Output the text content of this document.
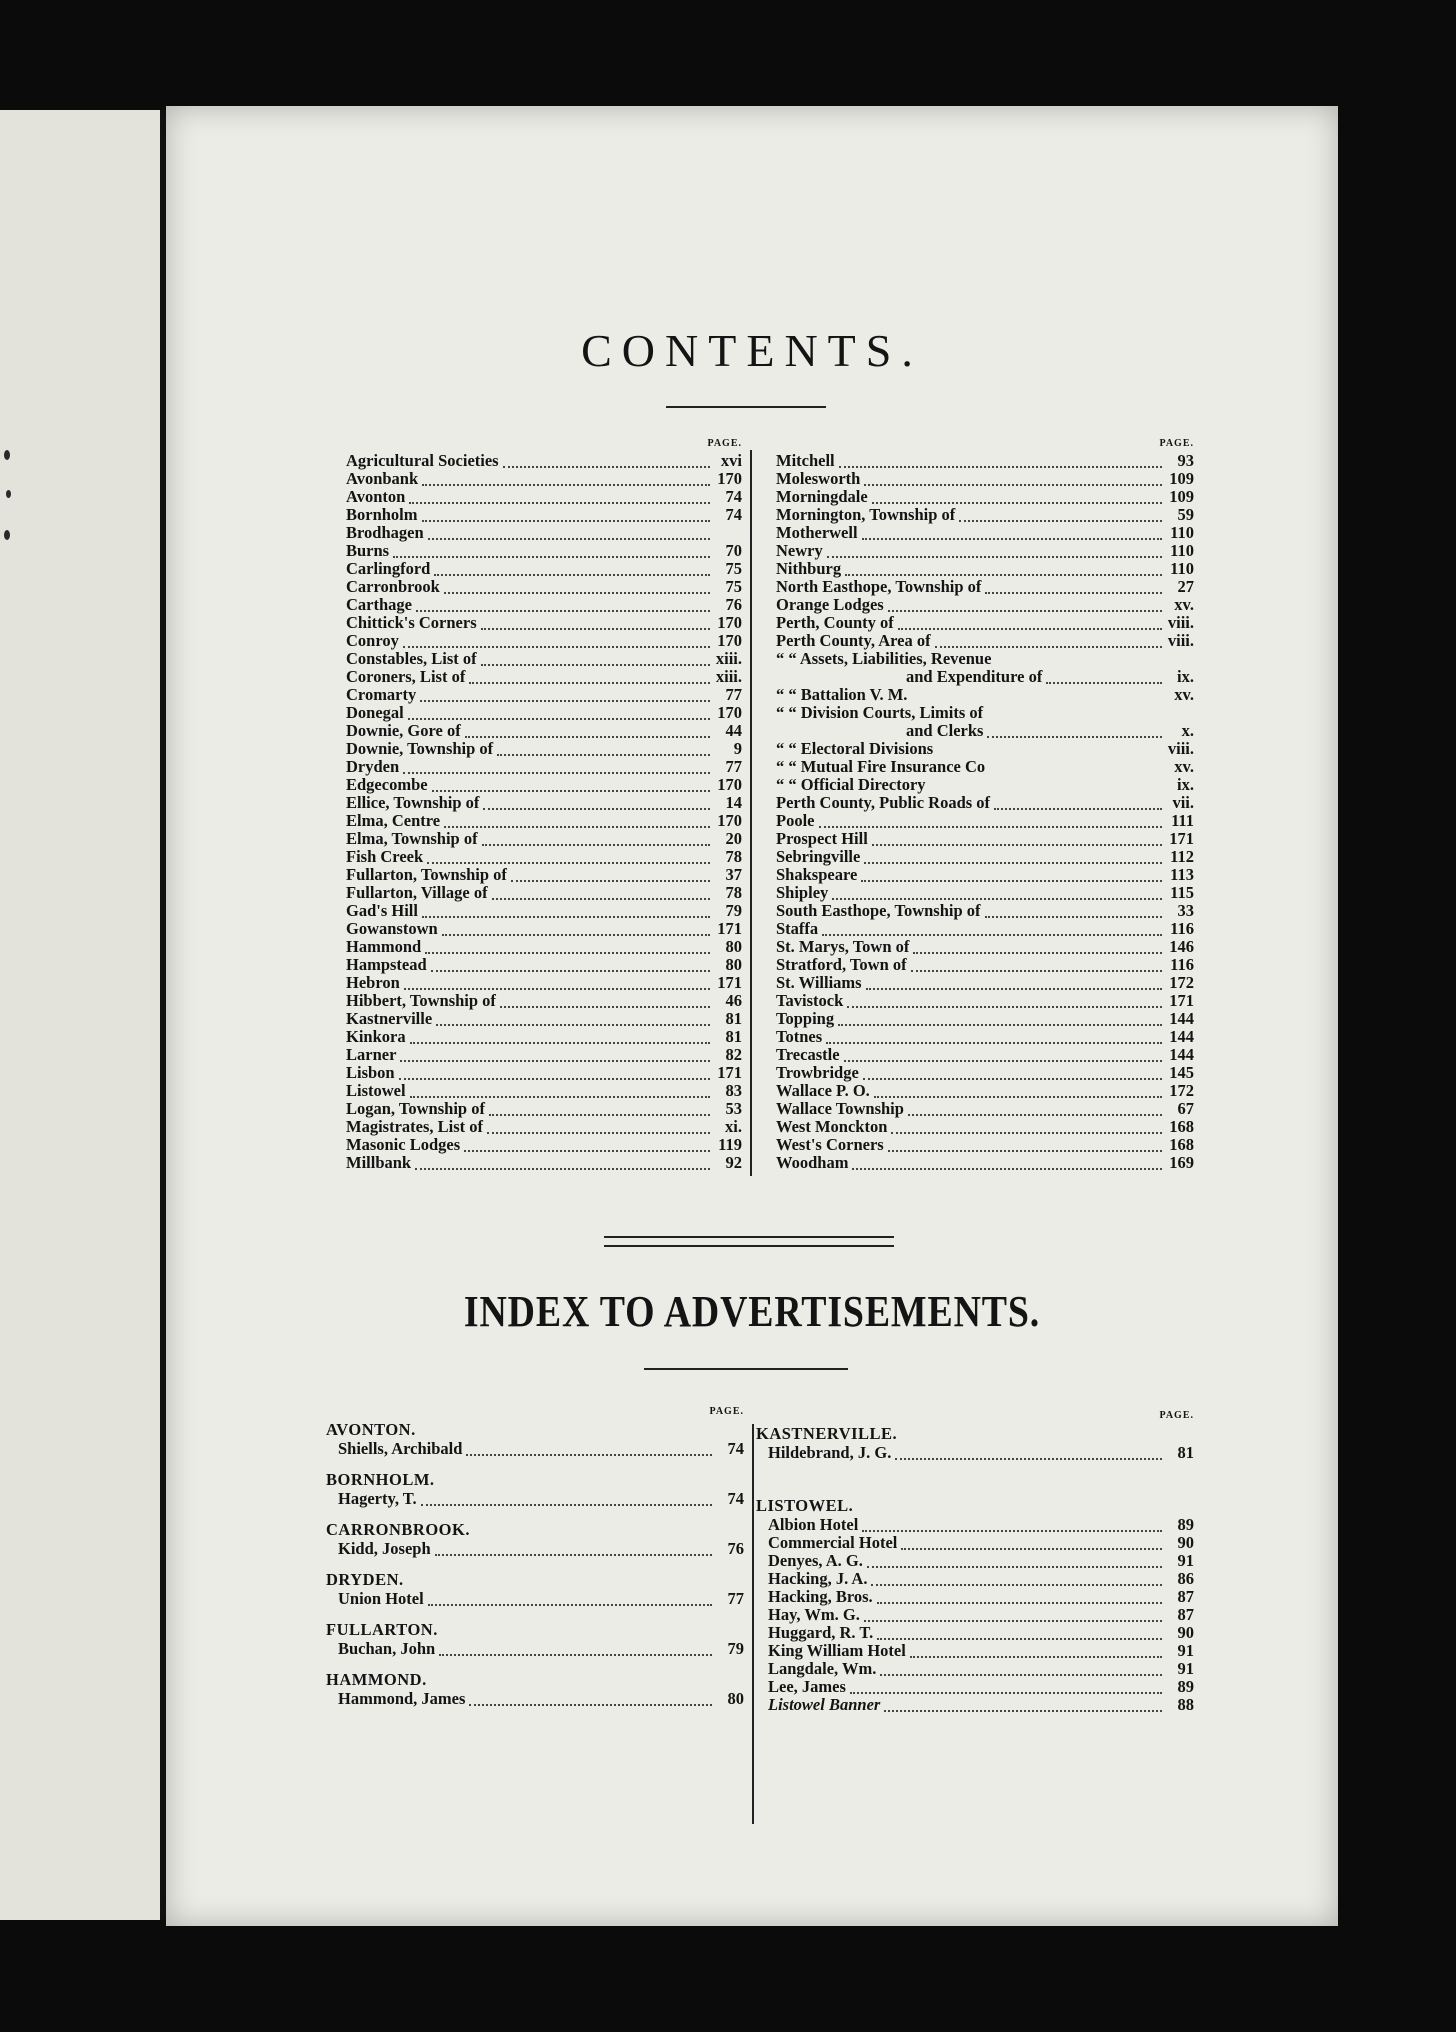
CONTENTS.
PAGE.
Agricultural Societies	xvi
Avonbank	170
Avonton	74
Bornholm	74
Brodhagen
Burns	70
Carlingford	75
Carronbrook	75
Carthage	76
Chittick's Corners	170
Conroy	170
Constables, List of	xiii.
Coroners, List of	xiii.
Cromarty	77
Donegal	170
Downie, Gore of	44
Downie, Township of	9
Dryden	77
Edgecombe	170
Ellice, Township of	14
Elma, Centre	170
Elma, Township of	20
Fish Creek	78
Fullarton, Township of	37
Fullarton, Village of	78
Gad's Hill	79
Gowanstown	171
Hammond	80
Hampstead	80
Hebron	171
Hibbert, Township of	46
Kastnerville	81
Kinkora	81
Larner	82
Lisbon	171
Listowel	83
Logan, Township of	53
Magistrates, List of	xi.
Masonic Lodges	119
Millbank	92
PAGE.
Mitchell	93
Molesworth	109
Morningdale	109
Mornington, Township of	59
Motherwell	110
Newry	110
Nithburg	110
North Easthope, Township of	27
Orange Lodges	xv.
Perth, County of	viii.
Perth County, Area of	viii.
“ “ Assets, Liabilities, Revenue
and Expenditure of	ix.
“ “ Battalion V. M.	xv.
“ “ Division Courts, Limits of
and Clerks	x.
“ “ Electoral Divisions	viii.
“ “ Mutual Fire Insurance Co	xv.
“ “ Official Directory	ix.
Perth County, Public Roads of	vii.
Poole	111
Prospect Hill	171
Sebringville	112
Shakspeare	113
Shipley	115
South Easthope, Township of	33
Staffa	116
St. Marys, Town of	146
Stratford, Town of	116
St. Williams	172
Tavistock	171
Topping	144
Totnes	144
Trecastle	144
Trowbridge	145
Wallace P. O.	172
Wallace Township	67
West Monckton	168
West's Corners	168
Woodham	169
INDEX TO ADVERTISEMENTS.
PAGE.
AVONTON.
Shiells, Archibald	74
BORNHOLM.
Hagerty, T.	74
CARRONBROOK.
Kidd, Joseph	76
DRYDEN.
Union Hotel	77
FULLARTON.
Buchan, John	79
HAMMOND.
Hammond, James	80
PAGE.
KASTNERVILLE.
Hildebrand, J. G.	81
LISTOWEL.
Albion Hotel	89
Commercial Hotel	90
Denyes, A. G.	91
Hacking, J. A.	86
Hacking, Bros.	87
Hay, Wm. G.	87
Huggard, R. T.	90
King William Hotel	91
Langdale, Wm.	91
Lee, James	89
Listowel Banner	88
